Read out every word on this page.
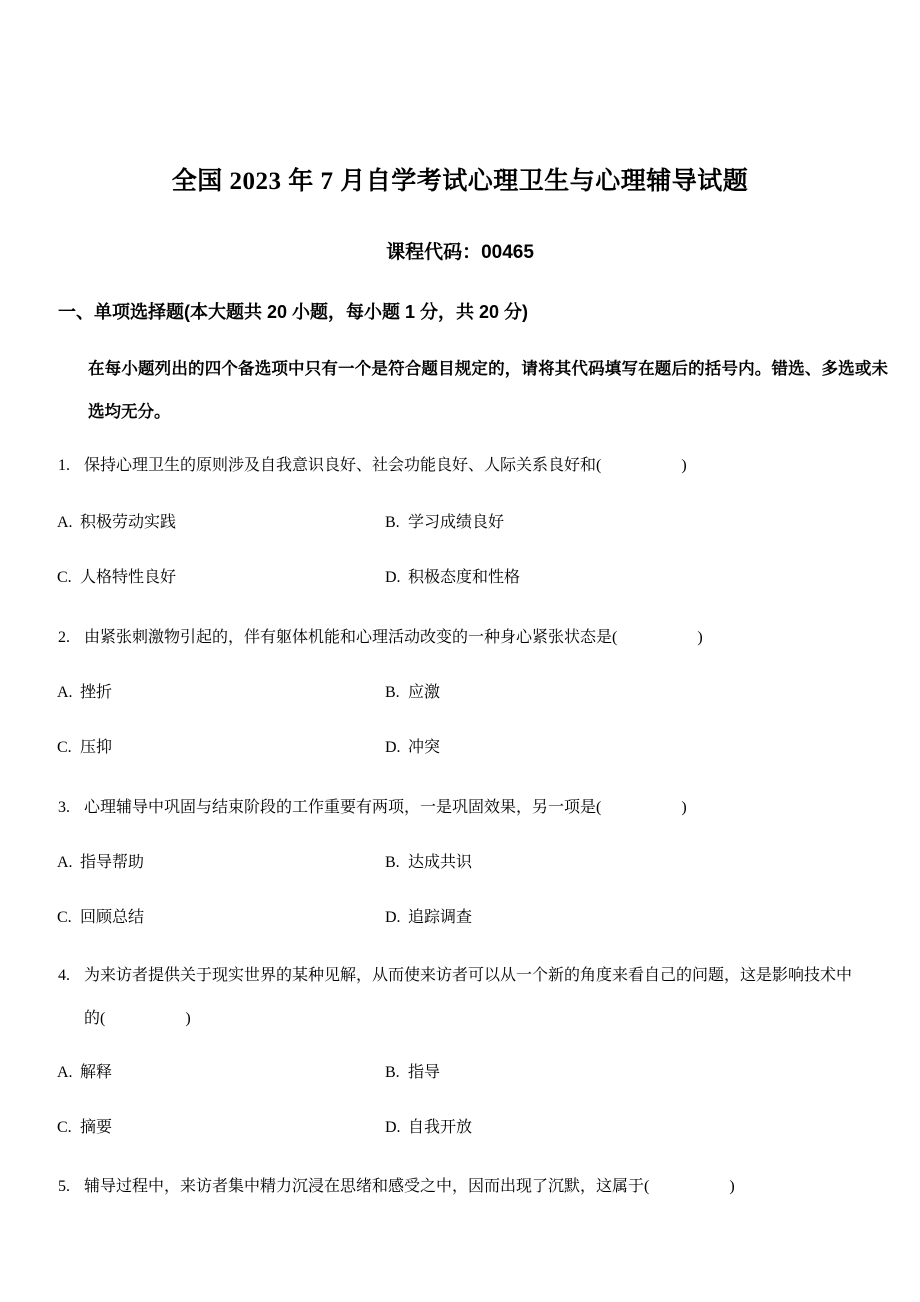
全国 2023 年 7 月自学考试心理卫生与心理辅导试题
课程代码：00465
一、单项选择题(本大题共 20 小题，每小题 1 分，共 20 分)
在每小题列出的四个备选项中只有一个是符合题目规定的，请将其代码填写在题后的括号内。错选、多选或未选均无分。
1. 保持心理卫生的原则涉及自我意识良好、社会功能良好、人际关系良好和(　　　　　)
A. 积极劳动实践	B. 学习成绩良好
C. 人格特性良好	D. 积极态度和性格
2. 由紧张刺激物引起的，伴有躯体机能和心理活动改变的一种身心紧张状态是(　　　　　)
A. 挫折	B. 应激
C. 压抑	D. 冲突
3. 心理辅导中巩固与结束阶段的工作重要有两项，一是巩固效果，另一项是(　　　　　)
A. 指导帮助	B. 达成共识
C. 回顾总结	D. 追踪调查
4. 为来访者提供关于现实世界的某种见解，从而使来访者可以从一个新的角度来看自己的问题，这是影响技术中的(　　　　　)
A. 解释	B. 指导
C. 摘要	D. 自我开放
5. 辅导过程中，来访者集中精力沉浸在思绪和感受之中，因而出现了沉默，这属于(　　　　　)
